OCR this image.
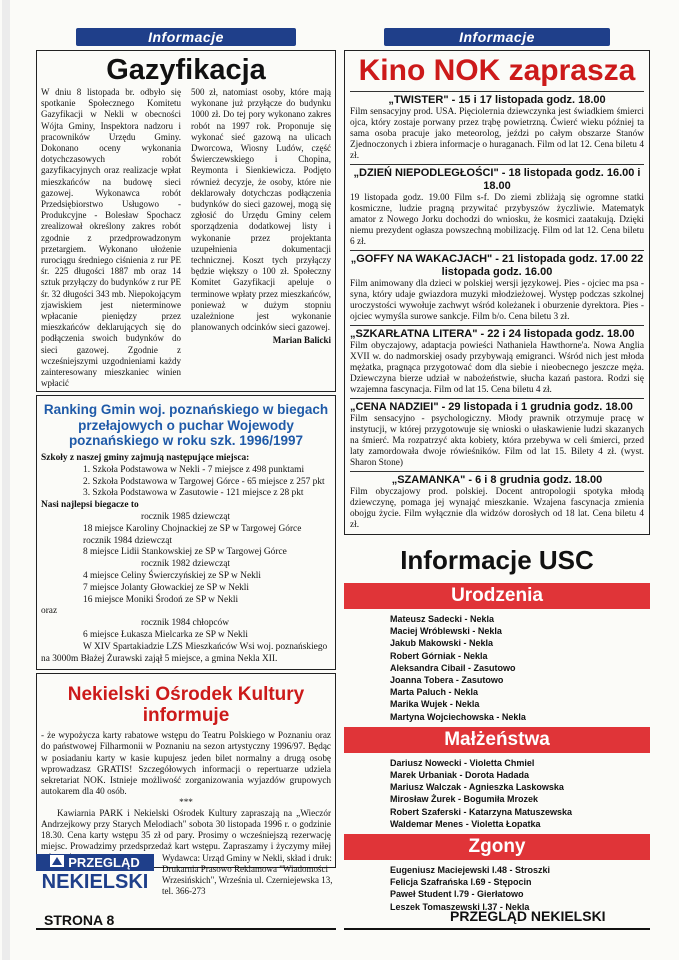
Informacje
Gazyfikacja

W dniu 8 listopada br. odbyło się spotkanie Społecznego Komitetu Gazyfikacji w Nekli w obecności Wójta Gminy, Inspektora nadzoru i pracowników Urzędu Gminy. Dokonano oceny wykonania dotychczasowych robót gazyfikacyjnych oraz realizacje wpłat mieszkańców na budowę sieci gazowej. Wykonawca robót Przedsiębiorstwo Usługowo - Produkcyjne - Bolesław Spochacz zrealizował określony zakres robót zgodnie z przedprowadzonym przetargiem. Wykonano ułożenie rurociągu średniego ciśnienia z rur PE śr. 225 długości 1887 mb oraz 14 sztuk przyłączy do budynków z rur PE śr. 32 długości 343 mb. Niepokojącym zjawiskiem jest nieterminowe wpłacanie pieniędzy przez mieszkańców deklarujących się do podłączenia swoich budynków do sieci gazowej. Zgodnie z wcześniejszymi uzgodnieniami każdy zainteresowany mieszkaniec winien wpłacić

500 zł, natomiast osoby, które mają wykonane już przyłącze do budynku 1000 zł. Do tej pory wykonano zakres robót na 1997 rok. Proponuje się wykonać sieć gazową na ulicach Dworcowa, Wiosny Ludów, część Świerczewskiego i Chopina, Reymonta i Sienkiewicza. Podjęto również decyzje, że osoby, które nie deklarowały dotychczas podłączenia budynków do sieci gazowej, mogą się zgłosić do Urzędu Gminy celem sporządzenia dodatkowej listy i wykonanie przez projektanta uzupełnienia dokumentacji technicznej. Koszt tych przyłączy będzie większy o 100 zł. Społeczny Komitet Gazyfikacji apeluje o terminowe wpłaty przez mieszkańców, ponieważ w dużym stopniu uzależnione jest wykonanie planowanych odcinków sieci gazowej.

Marian Balicki
Ranking Gmin woj. poznańskiego w biegach przełajowych o puchar Wojewody poznańskiego w roku szk. 1996/1997
Szkoły z naszej gminy zajmują następujące miejsca:
1. Szkoła Podstawowa w Nekli - 7 miejsce z 498 punktami
2. Szkoła Podstawowa w Targowej Górce - 65 miejsce z 257 pkt
3. Szkoła Podstawowa w Zasutowie - 121 miejsce z 28 pkt
Nasi najlepsi biegacze to
rocznik 1985 dziewcząt
18 miejsce Karoliny Chojnackiej ze SP w Targowej Górce rocznik 1984 dziewcząt
8 miejsce Lidii Stankowskiej ze SP w Targowej Górce
rocznik 1982 dziewcząt
4 miejsce Celiny Świerczyńskiej ze SP w Nekli
7 miejsce Jolanty Głowackiej ze SP w Nekli
16 miejsce Moniki Środoń ze SP w Nekli
oraz
rocznik 1984 chłopców
6 miejsce Łukasza Mielcarka ze SP w Nekli
W XIV Spartakiadzie LZS Mieszkańców Wsi woj. poznańskiego na 3000m Błażej Żurawski zajął 5 miejsce, a gmina Nekla XII.
Nekielski Ośrodek Kultury informuje

- że wypożycza karty rabatowe wstępu do Teatru Polskiego w Poznaniu oraz do państwowej Filharmonii w Poznaniu na sezon artystyczny 1996/97. Będąc w posiadaniu karty w kasie kupujesz jeden bilet normalny a drugą osobę wprowadzasz GRATIS! Szczegółowych informacji o repertuarze udziela sekretariat NOK. Istnieje możliwość zorganizowania wyjazdów grupowych autokarem dla 40 osób.

***

Kawiarnia PARK i Nekielski Ośrodek Kultury zapraszają na „Wieczór Andrzejkowy przy Starych Melodiach" sobota 30 listopada 1996 r. o godzinie 18.30. Cena karty wstępu 35 zł od pary. Prosimy o wcześniejszą rezerwację miejsc. Prowadzimy przedsprzedaż kart wstępu. Zapraszamy i życzymy miłej

PRZEGLĄD
NEKIELSKI
Wydawca: Urząd Gminy w Nekli, skład i druk: Drukarnia Prasowo Reklamowa "Wiadomości Wrzesińskich", Września ul. Czerniejewska 13, tel. 366-273
Informacje
Kino NOK zaprasza
„TWISTER" - 15 i 17 listopada godz. 18.00

Film sensacyjny prod. USA. Pięciolетnia dziewczynka jest świadkiem śmierci ojca, który zostaje porwany przez trąbę powietrzną. Ćwierć wieku później ta sama osoba pracuje jako meteorolog, jeździ po całym obszarze Stanów Zjednoczonych i zbiera informacje o huraganach. Film od lat 12. Cena biletu 4 zł.

„DZIEŃ NIEPODLEGŁOŚCI" - 18 listopada godz. 16.00 i 18.00

19 listopada godz. 19.00 Film s-f. Do ziemi zbliżają się ogromne statki kosmiczne, ludzie pragną przywitać przybyszów życzliwie. Matematyk amator z Nowego Jorku dochodzi do wniosku, że kosmici zaatakują. Dzięki niemu prezydent ogłasza powszechną mobilizację. Film od lat 12. Cena biletu 6 zł.

„GOFFY NA WAKACJACH" - 21 listopada godz. 17.00 22 listopada godz. 16.00

Film animowany dla dzieci w polskiej wersji językowej. Pies - ojciec ma psa - syna, który udaje gwiazdora muzyki młodzieżowej. Występ podczas szkolnej uroczystości wywołuje zachwyt wśród koleżanek i oburzenie dyrektora. Pies - ojciec wymyśla surowe sankcje. Film b/o. Cena biletu 3 zł.

„SZKARŁATNA LITERA" - 22 i 24 listopada godz. 18.00

Film obyczajowy, adaptacja powieści Nathaniela Hawthorne'a. Nowa Anglia XVII w. do nadmorskiej osady przybywają emigranci. Wśród nich jest młoda mężatka, pragnąca przygotować dom dla siebie i nieobecnego jeszcze męża. Dziewczyna bierze udział w nabożeństwie, słucha kazań pastora. Rodzi się wzajemna fascynacja. Film od lat 15. Cena biletu 4 zł.

„CENA NADZIEI" - 29 listopada i 1 grudnia godz. 18.00

Film sensacyjno - psychologiczny. Młody prawnik otrzymuje pracę w instytucji, w której przygotowuje się wnioski o ułaskawienie ludzi skazanych na śmierć. Ma rozpatrzyć akta kobiety, która przebywa w celi śmierci, przed laty zamordowała dwoje rówieśników. Film od lat 15. Bilety 4 zł. (wyst. Sharon Stone)

„SZAMANKA" - 6 i 8 grudnia godz. 18.00

Film obyczajowy prod. polskiej. Docent antropologii spotyka młodą dziewczynę, pomaga jej wynająć mieszkanie. Wzajena fascynacja zmienia obojgu życie. Film wyłącznie dla widzów dorosłych od 18 lat. Cena biletu 4 zł.

Informacje USC
Urodzenia
Mateusz Sadecki - Nekla
Maciej Wróblewski - Nekla
Jakub Makowski - Nekla
Robert Górniak - Nekla
Aleksandra Cibail - Zasutowo
Joanna Tobera - Zasutowo
Marta Paluch - Nekla
Marika Wujek - Nekla
Martyna Wojciechowska - Nekla
Małżeństwa
Dariusz Nowecki - Violetta Chmiel
Marek Urbaniak - Dorota Hadada
Mariusz Walczak - Agnieszka Laskowska
Mirosław Żurek - Bogumiła Mrozek
Robert Szaferski - Katarzyna Matuszewska
Waldemar Menes - Violetta Łopatka
Zgony
Eugeniusz Maciejewski l.48 - Stroszki
Felicja Szafrańska l.69 - Stępocin
Paweł Student l.79 - Gierłatowo
Leszek Tomaszewski l.37 - Nekla
STRONA 8	PRZEGLĄD NEKIELSKI
